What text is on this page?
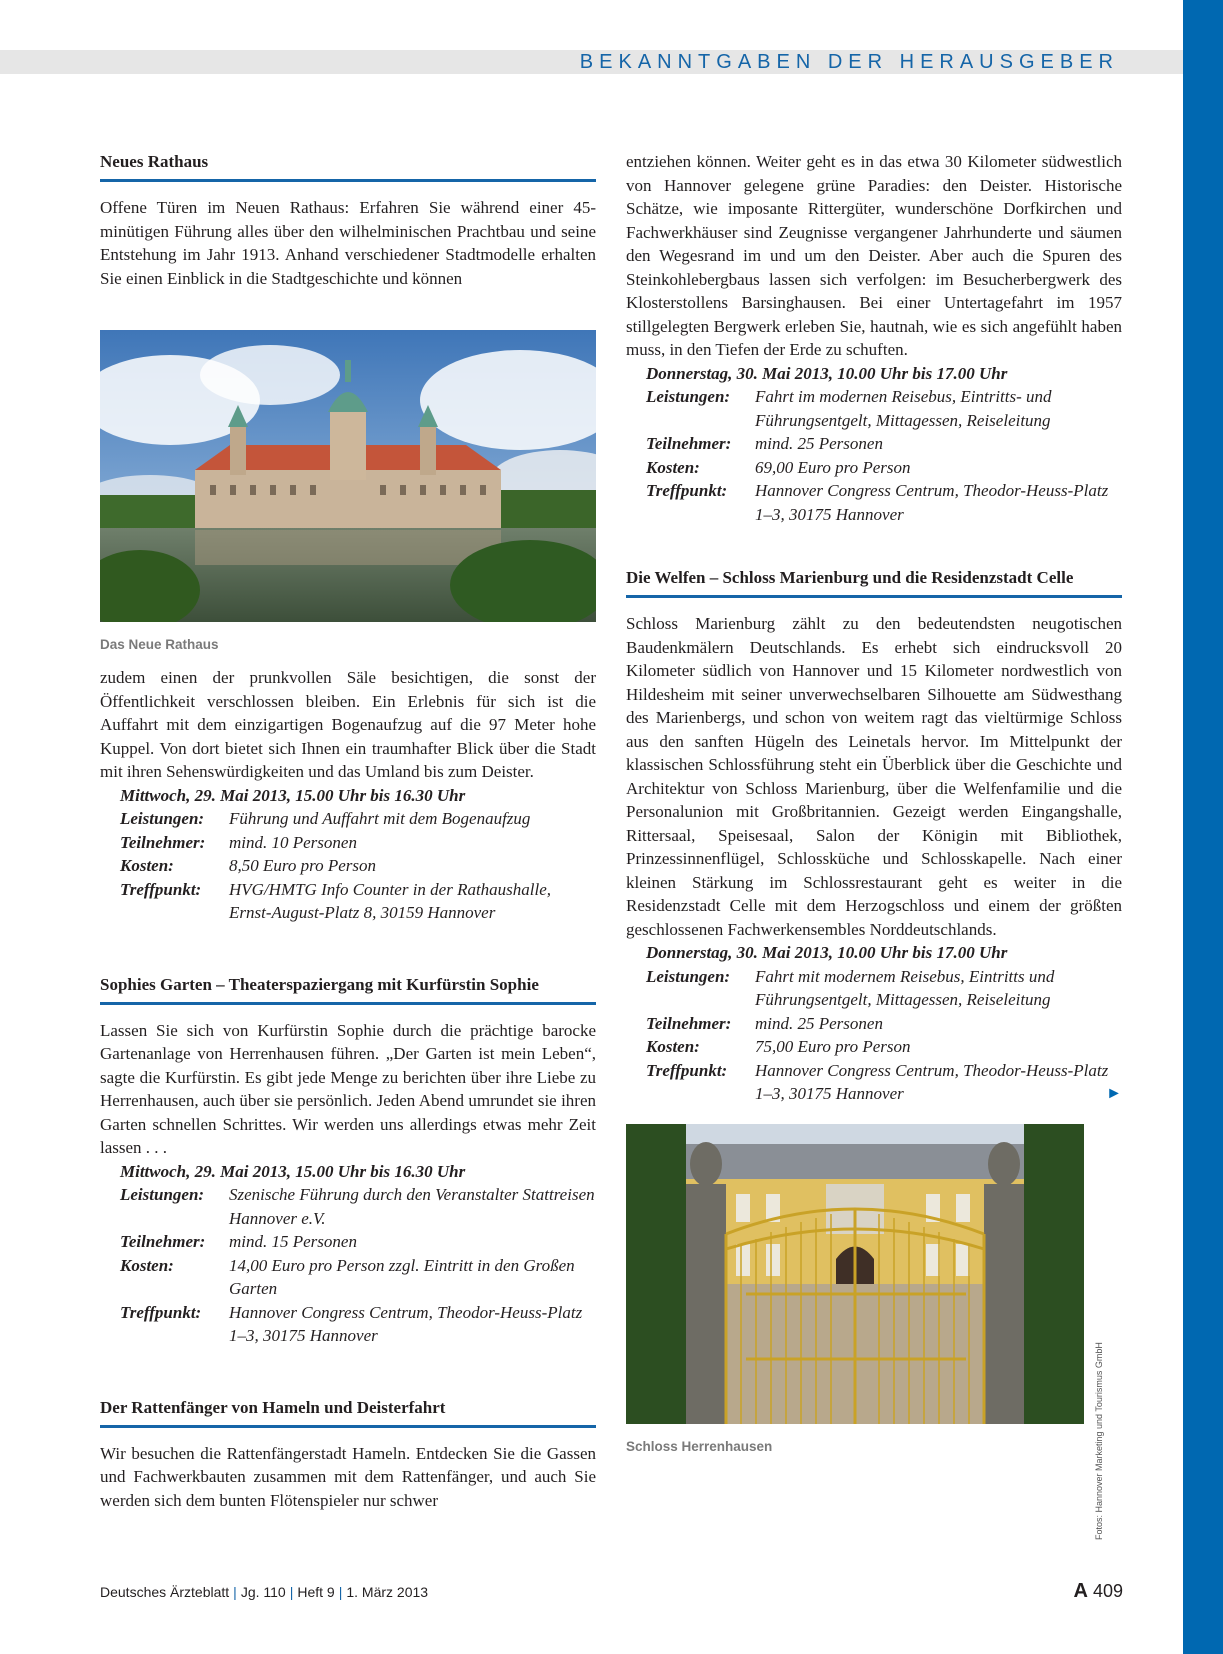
BEKANNTGABEN DER HERAUSGEBER
Neues Rathaus

Offene Türen im Neuen Rathaus: Erfahren Sie während einer 45-minütigen Führung alles über den wilhelminischen Prachtbau und seine Entstehung im Jahr 1913. Anhand verschiedener Stadtmodelle erhalten Sie einen Einblick in die Stadtgeschichte und können

Das Neue Rathaus

zudem einen der prunkvollen Säle besichtigen, die sonst der Öffentlichkeit verschlossen bleiben. Ein Erlebnis für sich ist die Auffahrt mit dem einzigartigen Bogenaufzug auf die 97 Meter hohe Kuppel. Von dort bietet sich Ihnen ein traumhafter Blick über die Stadt mit ihren Sehenswürdigkeiten und das Umland bis zum Deister.

Mittwoch, 29. Mai 2013, 15.00 Uhr bis 16.30 Uhr
Leistungen:	Führung und Auffahrt mit dem Bogenaufzug
Teilnehmer:	mind. 10 Personen
Kosten:	8,50 Euro pro Person
Treffpunkt:	HVG/HMTG Info Counter in der Rathaushalle, Ernst-August-Platz 8, 30159 Hannover
Sophies Garten – Theaterspaziergang mit Kurfürstin Sophie

Lassen Sie sich von Kurfürstin Sophie durch die prächtige barocke Gartenanlage von Herrenhausen führen. „Der Garten ist mein Leben“, sagte die Kurfürstin. Es gibt jede Menge zu berichten über ihre Liebe zu Herrenhausen, auch über sie persönlich. Jeden Abend umrundet sie ihren Garten schnellen Schrittes. Wir werden uns allerdings etwas mehr Zeit lassen . . .

Mittwoch, 29. Mai 2013, 15.00 Uhr bis 16.30 Uhr
Leistungen:	Szenische Führung durch den Veranstalter Stattreisen Hannover e.V.
Teilnehmer:	mind. 15 Personen
Kosten:	14,00 Euro pro Person zzgl. Eintritt in den Großen Garten
Treffpunkt:	Hannover Congress Centrum, Theodor-Heuss-Platz 1–3, 30175 Hannover
Der Rattenfänger von Hameln und Deisterfahrt

Wir besuchen die Rattenfängerstadt Hameln. Entdecken Sie die Gassen und Fachwerkbauten zusammen mit dem Rattenfänger, und auch Sie werden sich dem bunten Flötenspieler nur schwer

entziehen können. Weiter geht es in das etwa 30 Kilometer südwestlich von Hannover gelegene grüne Paradies: den Deister. Historische Schätze, wie imposante Rittergüter, wunderschöne Dorfkirchen und Fachwerkhäuser sind Zeugnisse vergangener Jahrhunderte und säumen den Wegesrand im und um den Deister. Aber auch die Spuren des Steinkohlebergbaus lassen sich verfolgen: im Besucherbergwerk des Klosterstollens Barsinghausen. Bei einer Untertagefahrt im 1957 stillgelegten Bergwerk erleben Sie, hautnah, wie es sich angefühlt haben muss, in den Tiefen der Erde zu schuften.

Donnerstag, 30. Mai 2013, 10.00 Uhr bis 17.00 Uhr
Leistungen:	Fahrt im modernen Reisebus, Eintritts- und Führungsentgelt, Mittagessen, Reiseleitung
Teilnehmer:	mind. 25 Personen
Kosten:	69,00 Euro pro Person
Treffpunkt:	Hannover Congress Centrum, Theodor-Heuss-Platz 1–3, 30175 Hannover
Die Welfen – Schloss Marienburg und die Residenzstadt Celle

Schloss Marienburg zählt zu den bedeutendsten neugotischen Baudenkmälern Deutschlands. Es erhebt sich eindrucksvoll 20 Kilometer südlich von Hannover und 15 Kilometer nordwestlich von Hildesheim mit seiner unverwechselbaren Silhouette am Südwesthang des Marienbergs, und schon von weitem ragt das vieltürmige Schloss aus den sanften Hügeln des Leinetals hervor. Im Mittelpunkt der klassischen Schlossführung steht ein Überblick über die Geschichte und Architektur von Schloss Marienburg, über die Welfenfamilie und die Personalunion mit Großbritannien. Gezeigt werden Eingangshalle, Rittersaal, Speisesaal, Salon der Königin mit Bibliothek, Prinzessinnenflügel, Schlossküche und Schlosskapelle. Nach einer kleinen Stärkung im Schlossrestaurant geht es weiter in die Residenzstadt Celle mit dem Herzogschloss und einem der größten geschlossenen Fachwerkensembles Norddeutschlands.

Donnerstag, 30. Mai 2013, 10.00 Uhr bis 17.00 Uhr
Leistungen:	Fahrt mit modernem Reisebus, Eintritts und Führungsentgelt, Mittagessen, Reiseleitung
Teilnehmer:	mind. 25 Personen
Kosten:	75,00 Euro pro Person
Treffpunkt:	Hannover Congress Centrum, Theodor-Heuss-Platz 1–3, 30175 Hannover	►
Schloss Herrenhausen	Fotos: Hannover Marketing und Tourismus GmbH
Deutsches Ärzteblatt | Jg. 110 | Heft 9 | 1. März 2013	A 409
